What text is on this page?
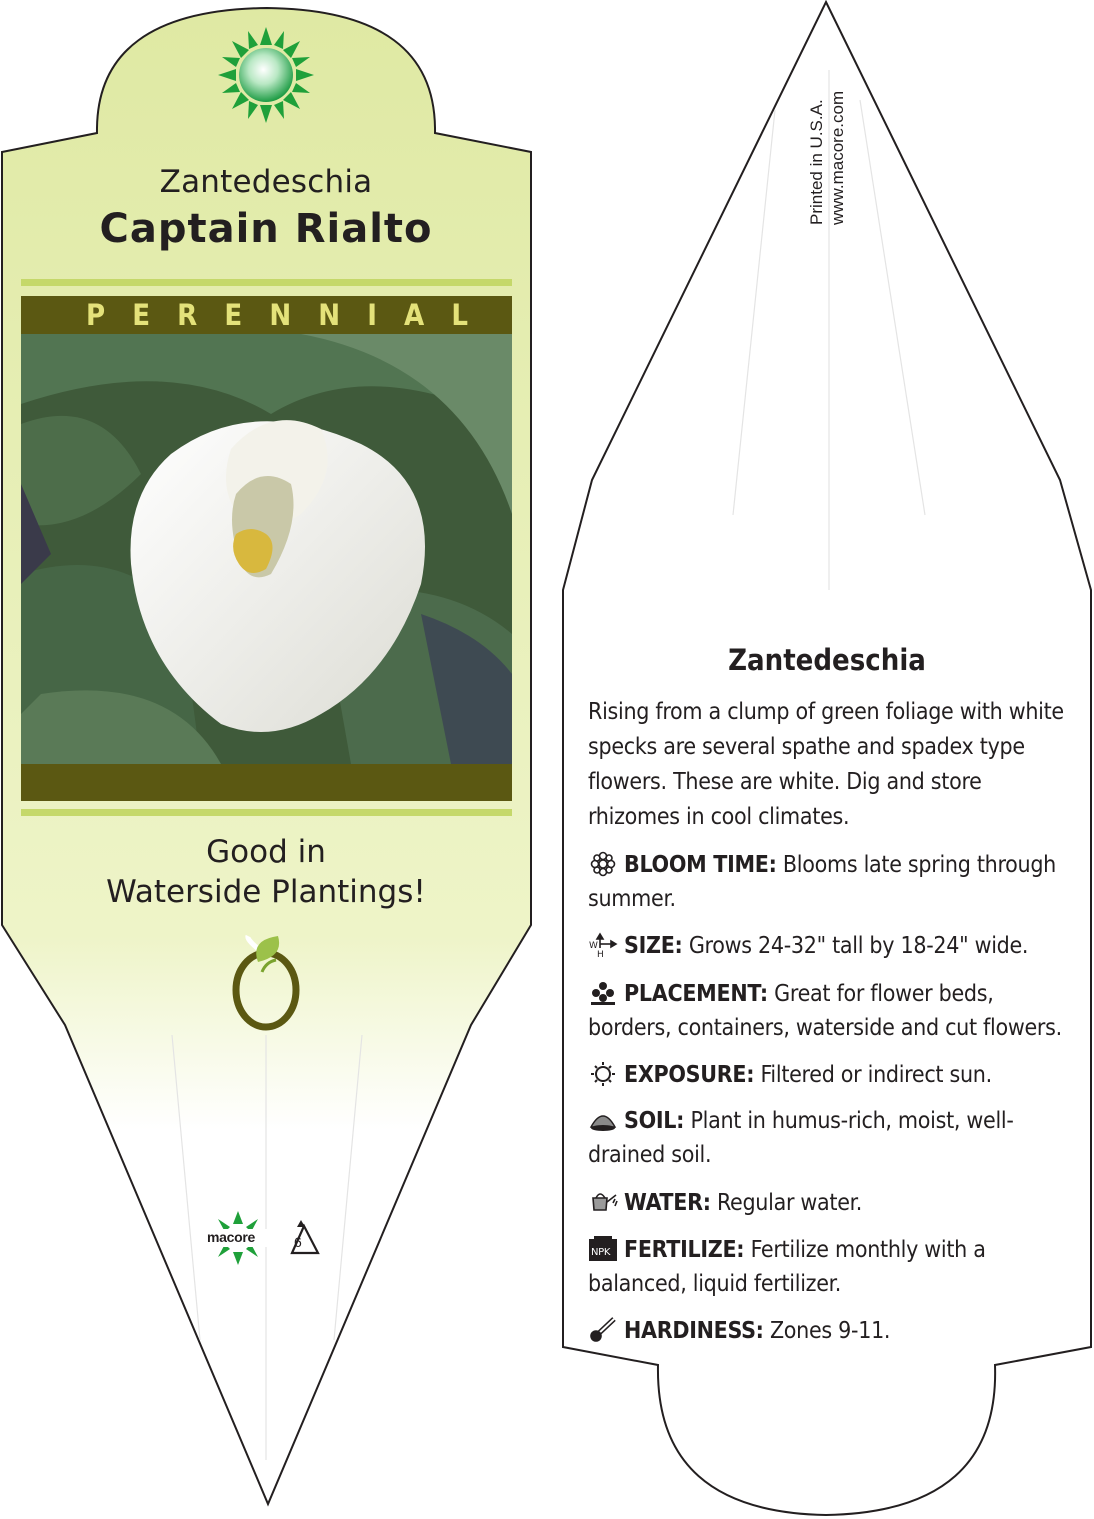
Zantedeschia
Captain Rialto
P E R E N N I A L
Good in
Waterside Plantings!
macore	6
Printed in U.S.A. www.macore.com
Zantedeschia
Rising from a clump of green foliage with white specks are several spathe and spadex type flowers. These are white. Dig and store rhizomes in cool climates.
BLOOM TIME: Blooms late spring through summer.
W
H SIZE: Grows 24-32" tall by 18-24" wide.
PLACEMENT: Great for flower beds, borders, containers, waterside and cut flowers.
EXPOSURE: Filtered or indirect sun.
SOIL: Plant in humus-rich, moist, well-drained soil.
WATER: Regular water.
NPK FERTILIZE: Fertilize monthly with a balanced, liquid fertilizer.
HARDINESS: Zones 9-11.
